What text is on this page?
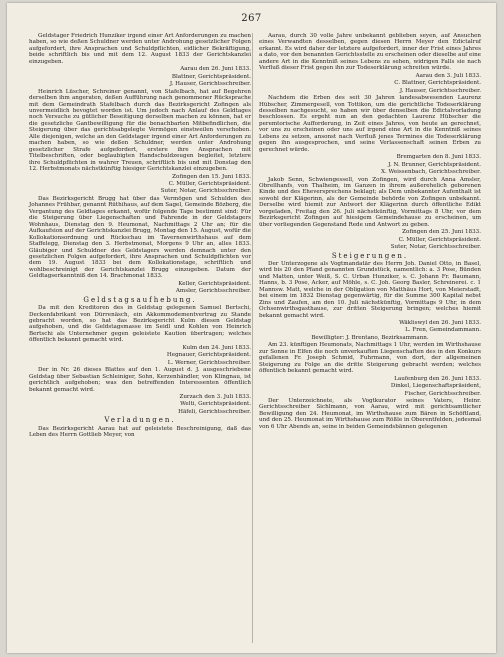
267

Geldstager Friedrich Hunziker irgend einer Art Anforderungen zu machen haben, so wie deßen Schuldner werden unter Androhung gesetzlicher Folgen aufgefordert, ihre Ansprachen und Schuldpflichten, eidlicher Bekräftigung, beide schriftlich bis und mit dem 12. August 1833 der Gerichtskanzlei einzugeben.

Aarau den 26. Juni 1833.

Blattner, Gerichtspräsident.

J. Hauser, Gerichtsschreiber.

Heinrich Lüscher, Schreiner genannt, von Stafelbach, hat auf Begehren derselben ihm angeraten, deßen Aufführung nach genommener Rücksprache mit dem Gemeindrath Stafelbach durch das Bezirksgericht Zofingen als unvermeidlich bevogtet worden ist. Um jedoch nach Anlauf des Geldtages noch Versuche zu gütlicher Beseitigung derselben machen zu können, hat er die gesetzliche Gantbewilligung für die benachbarten Mitbefindlichen, die Steigerung über das gerichtsabgelegte Vermögen einstweilen verschoben. Alle diejenigen, welche an den Geldstager irgend einer Art Anforderungen zu machen haben, so wie deßen Schuldner, werden unter Androhung gesetzlicher Strafe aufgefordert, erstere ihre Ansprachen mit Titelbeschriften, oder beglaubigten Handschuldzeugen begleitet, letztere ihre Schuldpflichten in wahrer Treuen, schriftlich bis und mit Donstag den 12. Herbstmonats nächstkünftig hiesiger Gerichtskanzlei einzugeben.

Zofingen den 15. Juni 1833.

C. Müller, Gerichtspräsident.

Suter, Notar, Gerichtsschreiber.

Das Bezirksgericht Brugg hat über das Vermögen und Schulden des Johannes Frühbar, genannt Rüthihaus, auf dem Sagel, Gemeinde Bözberg, die Vergantung des Geldtages erkannt, wofür folgende Tage bestimmt sind: Für die Steigerung über Liegenschaften und Fahrende in der Geldstagers Wohnhaus, Dienstag den 9. Heumonat, Nachmittags 2 Uhr an; für die Aufkaufsion auf der Gerichtskanzlei Brugg, Montag den 15. August, wofür die Kollokationsordnung und Rückschau im Tavernenwirthshaus auf dem Staffelegg, Dienstag den 3. Herbstmonat, Morgens 9 Uhr an, alles 1833. Gläubiger und Schuldner des Geldstagers werden demnach unter den gesetzlichen Folgen aufgefordert, ihre Ansprachen und Schuldpflichten vor dem 19. August 1833 bei dem Kollokationstage, schriftlich und wohlbeschreinigt der Gerichtskanzlei Brugg einzugeben. Datum der Geldtagserkanntniß den 14. Brachmonat 1833.

Keller, Gerichtspräsident.

Amsler, Gerichtsschreiber.

Geldstagsaufhebung.

Da mit den Kreditoren des in Geldstag gelegenen Samuel Bertschi, Deckenfabrikant von Dürrenäsch, ein Akkommodementvertrag zu Stande gebracht worden, so hat das Bezirksgericht Kulm diesen Geldstag aufgehoben, und die Geldstagsmasse im Seidl und Kohlen von Heinrich Bertschi als Unternehmer gegen geleistete Kaution übertragen; welches öffentlich bekannt gemacht wird.

Kulm den 24. Juni 1833.

Hegnauer, Gerichtspräsident.

L. Werner, Gerichtsschreiber.

Der in Nr. 26 dieses Blattes auf den 1. August d. J. ausgeschriebene Geldstag über Sebastian Schleiniger, Sohn, Kerzenhändler, von Klingnau, ist gerichtlich aufgehoben; was den betreffenden Interessenten öffentlich bekannt gemacht wird.

Zurzach den 3. Juli 1833.

Welti, Gerichtspräsident.

Häfeli, Gerichtsschreiber.

Verladungen.

Das Bezirksgericht Aarau hat auf geleistete Beschreinigung, daß das Leben des Herrn Gottlieb Meyer, von

Aarau, durch 30 volle Jahre unbekannt geblieben seyen, auf Ansuchen eines Verwandten desselben, gegen diesen Herrn Meyer den Edictalruf erkannt. Es wird daher der letztere aufgefordert, inner der Frist eines Jahres a dato, vor den benannten Gerichtsstelle zu erscheinen oder dieselbe auf eine andere Art in die Kenntniß seines Lebens zu sehen, widrigen Falls sie nach Verfluß dieser Frist gegen ihn zur Todeserklärung schreiten würde.

Aarau den 3. Juli 1833.

C. Blattner, Gerichtspräsident.

J. Hauser, Gerichtsschreiber.

Nachdem die Erben des seit 30 Jahren landesabwesenden Laurenz Hübscher, Zimmergesell, von Tottikon, um die gerichtliche Todeserklärung desselben nachgesucht, so haben wir über denselben die Edictalvorladung beschlossen. Es ergeht nun an den gedachten Laurenz Hübscher die peremtorische Aufforderung, in Zeit eines Jahres, von heute an gerechnet, vor uns zu erscheinen oder uns auf irgend eine Art in die Kenntniß seines Lebens zu setzen, ansonst nach Verfluß jenes Termines die Todeserklärung gegen ihn ausgesprochen, und seine Verlassenschaft seinen Erben zu gerechnet würde.

Bremgarten den 8. Juni 1833.

J. N. Brunner, Gerichtspräsident.

X. Weissenbach, Gerichtsschreiber.

Jakob Senn, Schwiengessell, von Zofingen, wird durch Anna Amsler, Obrellhanfs, von Thalheim, im Ganzen in ihrem außerehelich geborenen Kinde und des Eheversprechens beklagt; als Dem unbekannter Aufenthalt ist sowohl der Klägerinn, als der Gemeinde behörde von Zofingen unbekannt. Derselbe wird hiemit zur Antwort der Klägerinn durch öffentliche Edikt vorgeladen, Freitag den 26. Juli nächstkünftig, Vormittags 8 Uhr, vor dem Bezirksgericht Zofingen auf hiesigem Gemeindehause zu erscheinen, um über vorliegenden Gegenstand Rede und Antwort zu geben.

Zofingen den 25. Juni 1833.

C. Müller, Gerichtspräsident.

Suter, Notar, Gerichtsschreiber.

Steigerungen.

Der Unterzogene als Vogtmandatär des Herrn Joh. Daniel Otto, in Basel, wird bis 20 den Pfand genannten Grundstück, namentlich: a. 3 Pose, Bünden und Matten, unter Weiß, S. C. Urban Hunziker, s. C. Johann Fr. Baumann, Hanns, b. 3 Pose, Acker, auf Möhle, s. C. Joh. Georg Basler, Schreinerei. c. 1 Mannsw. Matt, welche in der Obligation von Matthäus Hort, von Meierstadt, bei einem im 1832 Dienstag gegenwärtig, für die Summe 300 Kapital nebst Zins und Zaufen, am den 10. Juli nächstkünftig, Vormittags 9 Uhr, in dem Ochsenwirthsgasthause, zur dritten Steigerung bringen; welches hiemit bekannt gemacht wird.

Wäkliswyl den 26. Juni 1833.

L. Fren, Gemeindammann.

Bewilligter: J. Brentano, Bezirksammann.

Am 23. künftigen Heumonats, Nachmittags 1 Uhr, werden im Wirthshause zur Sonne in Elfen die noch unverkauften Liegenschaften des in den Konkurs gefallenen Fr. Joseph Schmid, Fuhrmann, von dort, der allgemeinen Steigerung zu Folge an die dritte Steigerung gebracht werden; welches öffentlich bekannt gemacht wird.

Laufenburg den 26. Juni 1833.

Dinkel, Liegenschaftspräsident,

Fischer, Gerichtsschreiber.

Der Unterzeichnete, als Vogtkurator seines Vaters, Heinr. Gerichtsschreiber Sichlmann, von Aarau, wird mit gerichtsamtlicher Bewilligung den 24. Heumonat, im Wirthshause zum Bären in Schöftland, und den 25. Heumonat im Wirthshause zum Rößle in Oberentfelden, jedesmal von 6 Uhr Abends an, seine in beiden Gemeindsbännen gelegenen
